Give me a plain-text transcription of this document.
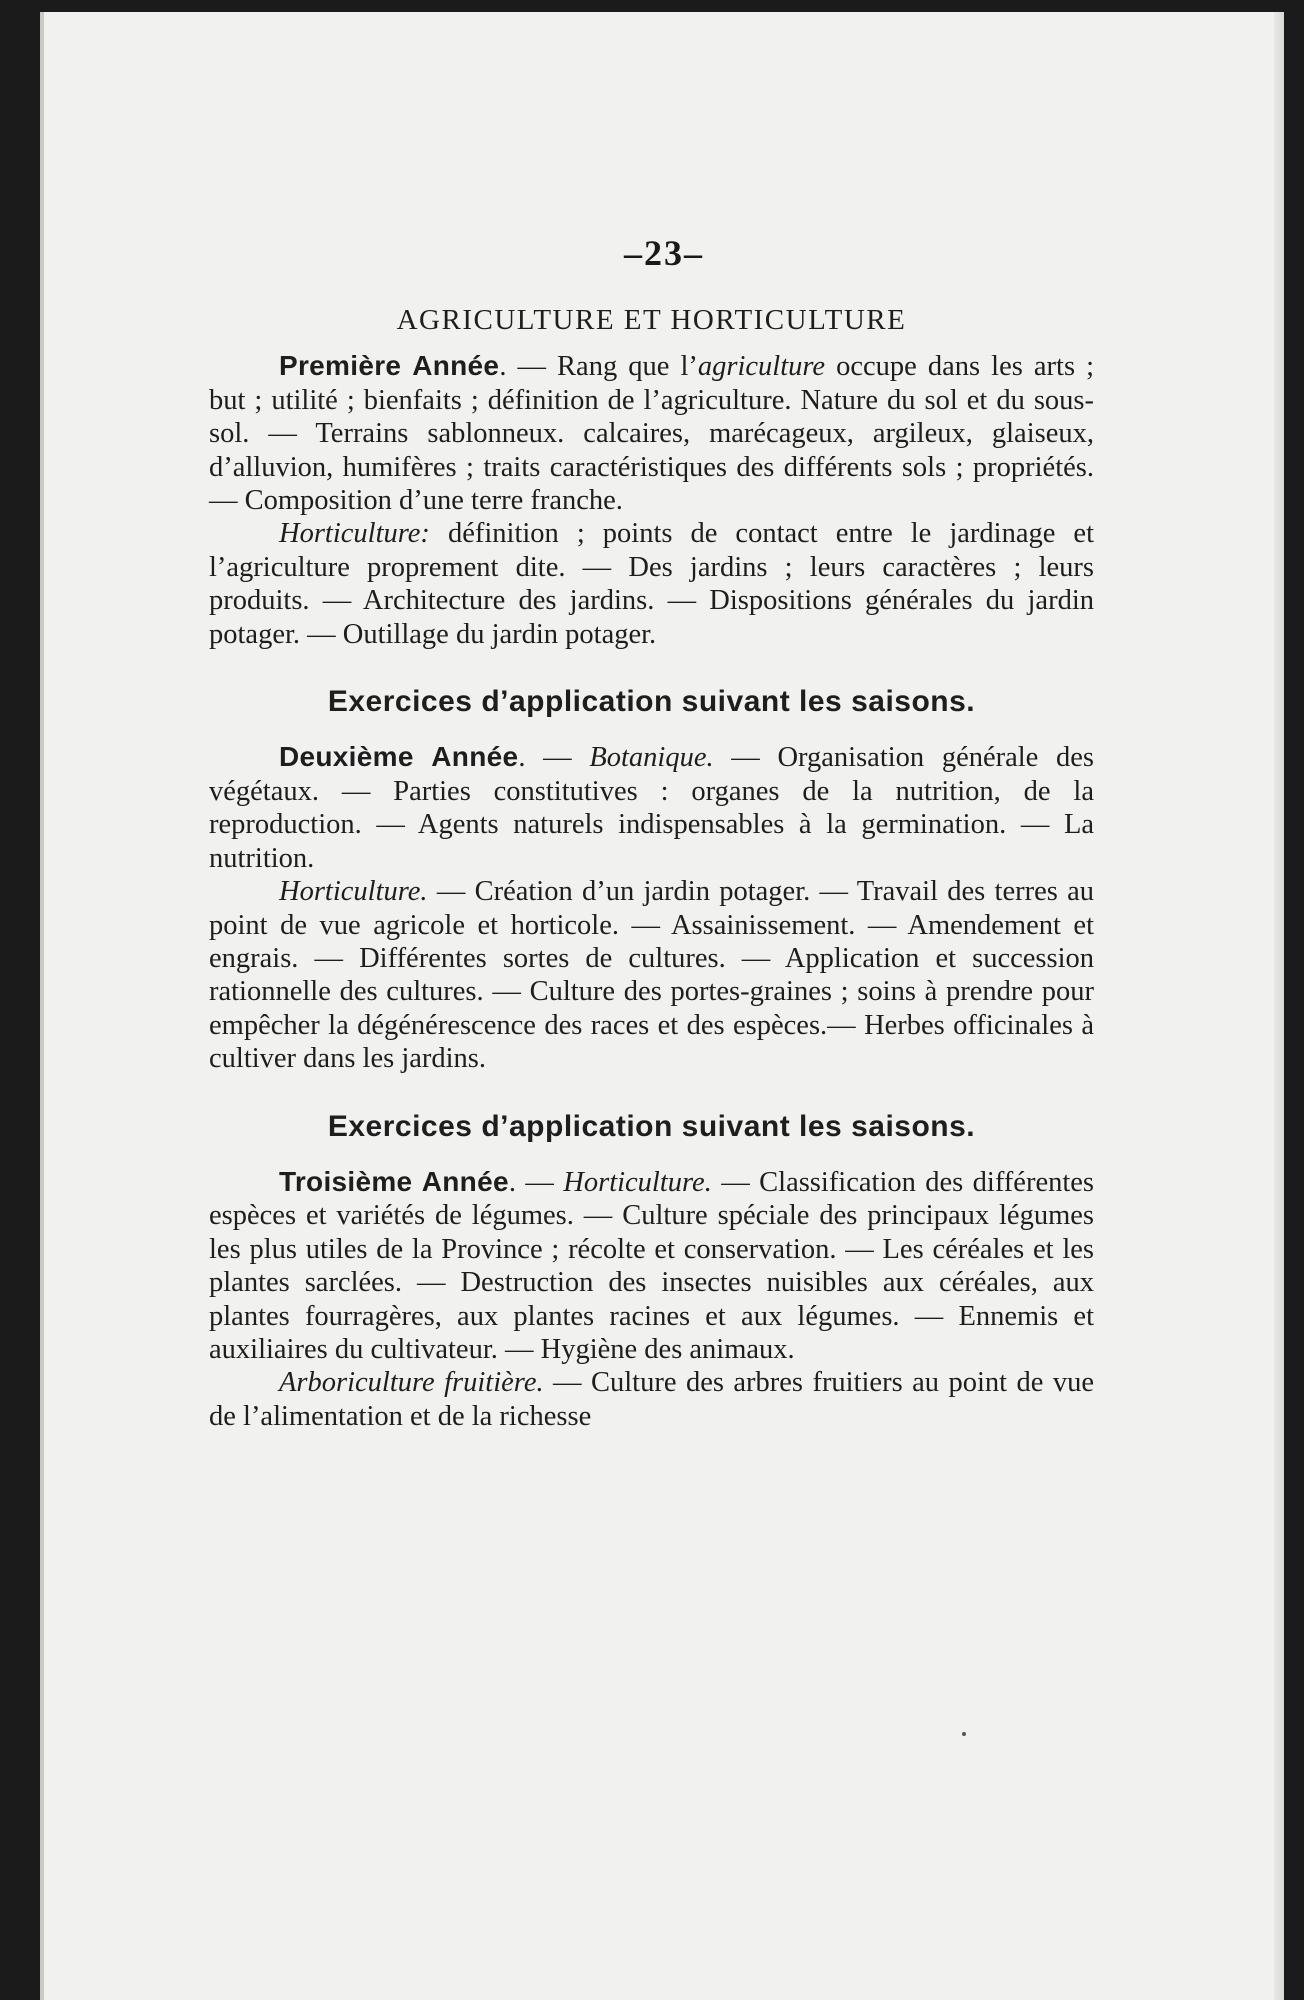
–23–
AGRICULTURE ET HORTICULTURE

Première Année. — Rang que l’agriculture occupe dans les arts ; but ; utilité ; bienfaits ; définition de l’agriculture. Nature du sol et du sous-sol. — Terrains sablonneux. calcaires, marécageux, argileux, glaiseux, d’alluvion, humifères ; traits caractéristiques des différents sols ; propriétés. — Composition d’une terre franche.

Horticulture: définition ; points de contact entre le jardinage et l’agriculture proprement dite. — Des jardins ; leurs caractères ; leurs produits. — Architecture des jardins. — Dispositions générales du jardin potager. — Outillage du jardin potager.

Exercices d’application suivant les saisons.

Deuxième Année. — Botanique. — Organisation générale des végétaux. — Parties constitutives : organes de la nutrition, de la reproduction. — Agents naturels indispensables à la germination. — La nutrition.

Horticulture. — Création d’un jardin potager. — Travail des terres au point de vue agricole et horticole. — Assainissement. — Amendement et engrais. — Différentes sortes de cultures. — Application et succession rationnelle des cultures. — Culture des portes-graines ; soins à prendre pour empêcher la dégénérescence des races et des espèces.— Herbes officinales à cultiver dans les jardins.

Exercices d’application suivant les saisons.

Troisième Année. — Horticulture. — Classification des différentes espèces et variétés de légumes. — Culture spéciale des principaux légumes les plus utiles de la Province ; récolte et conservation. — Les céréales et les plantes sarclées. — Destruction des insectes nuisibles aux céréales, aux plantes fourragères, aux plantes racines et aux légumes. — Ennemis et auxiliaires du cultivateur. — Hygiène des animaux.

Arboriculture fruitière. — Culture des arbres fruitiers au point de vue de l’alimentation et de la richesse
